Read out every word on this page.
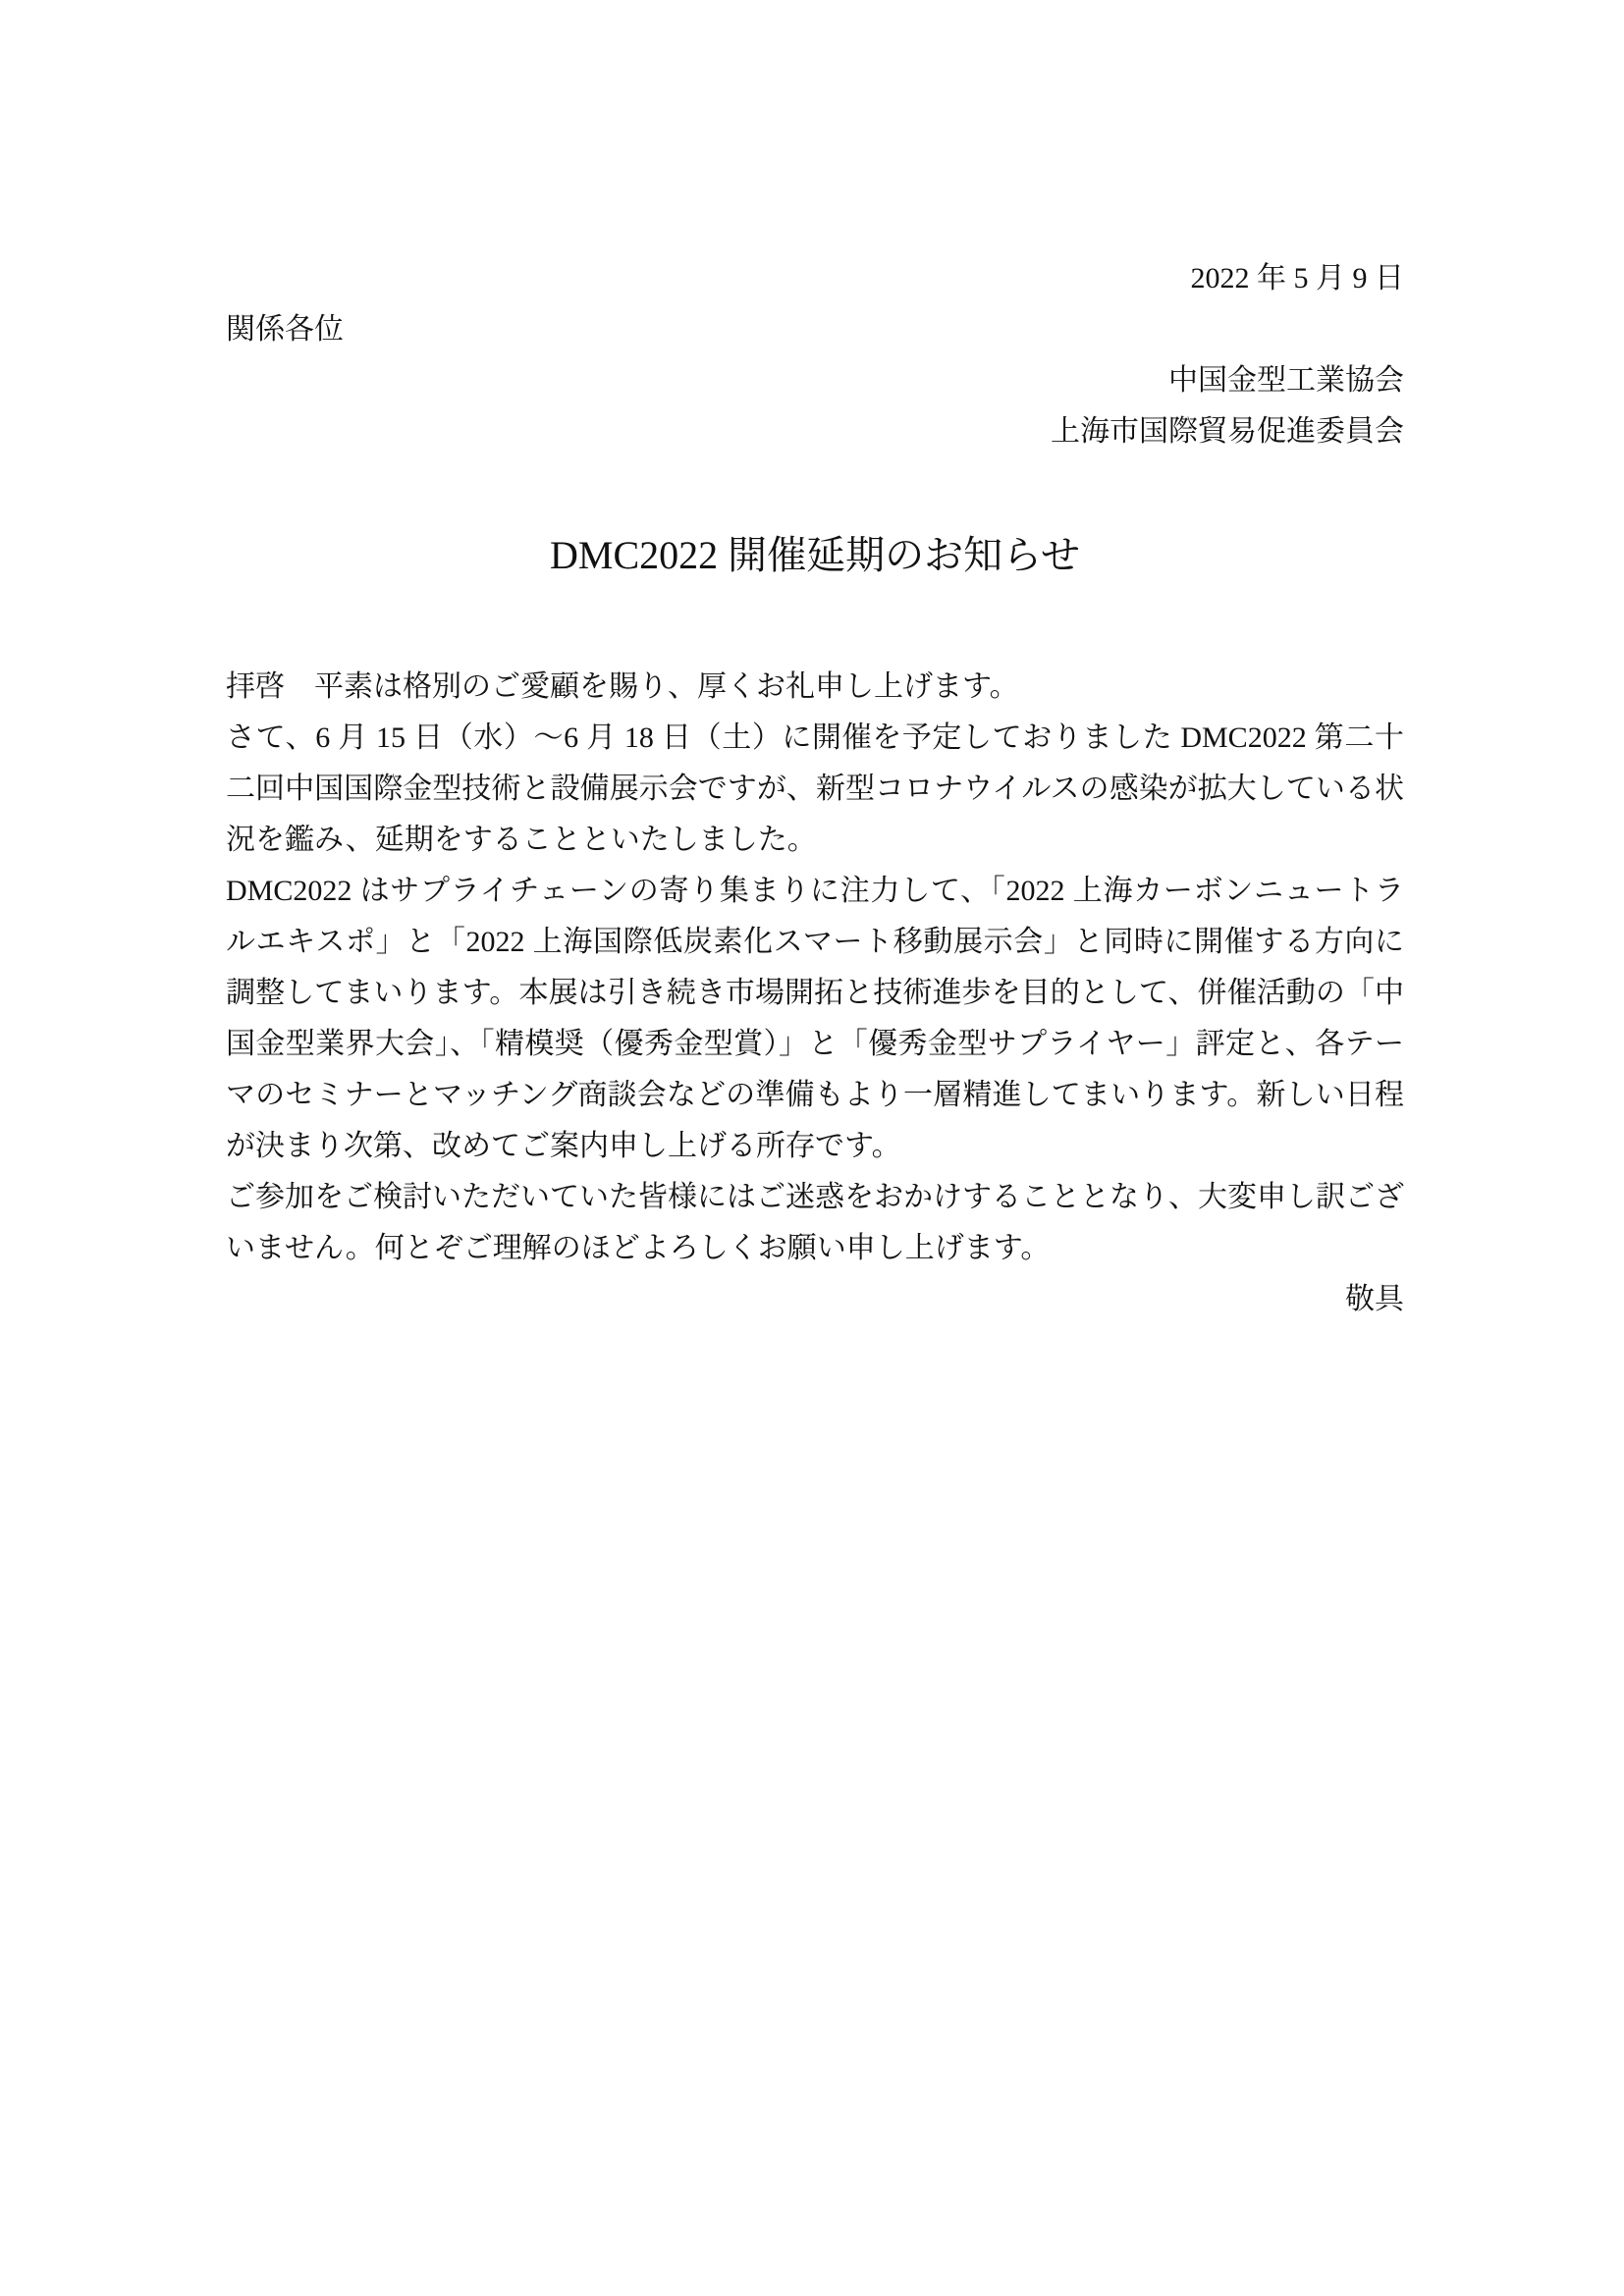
2022 年 5 月 9 日

関係各位

中国金型工業協会

上海市国際貿易促進委員会

DMC2022 開催延期のお知らせ

拝啓　平素は格別のご愛顧を賜り、厚くお礼申し上げます。

さて、6 月 15 日（水）～6 月 18 日（土）に開催を予定しておりました DMC2022 第二十二回中国国際金型技術と設備展示会ですが、新型コロナウイルスの感染が拡大している状況を鑑み、延期をすることといたしました。

DMC2022 はサプライチェーンの寄り集まりに注力して、「2022 上海カーボンニュートラルエキスポ」と「2022 上海国際低炭素化スマート移動展示会」と同時に開催する方向に調整してまいります。本展は引き続き市場開拓と技術進歩を目的として、併催活動の「中国金型業界大会」、「精模奨（優秀金型賞）」と「優秀金型サプライヤー」評定と、各テーマのセミナーとマッチング商談会などの準備もより一層精進してまいります。新しい日程が決まり次第、改めてご案内申し上げる所存です。

ご参加をご検討いただいていた皆様にはご迷惑をおかけすることとなり、大変申し訳ございません。何とぞご理解のほどよろしくお願い申し上げます。

敬具
